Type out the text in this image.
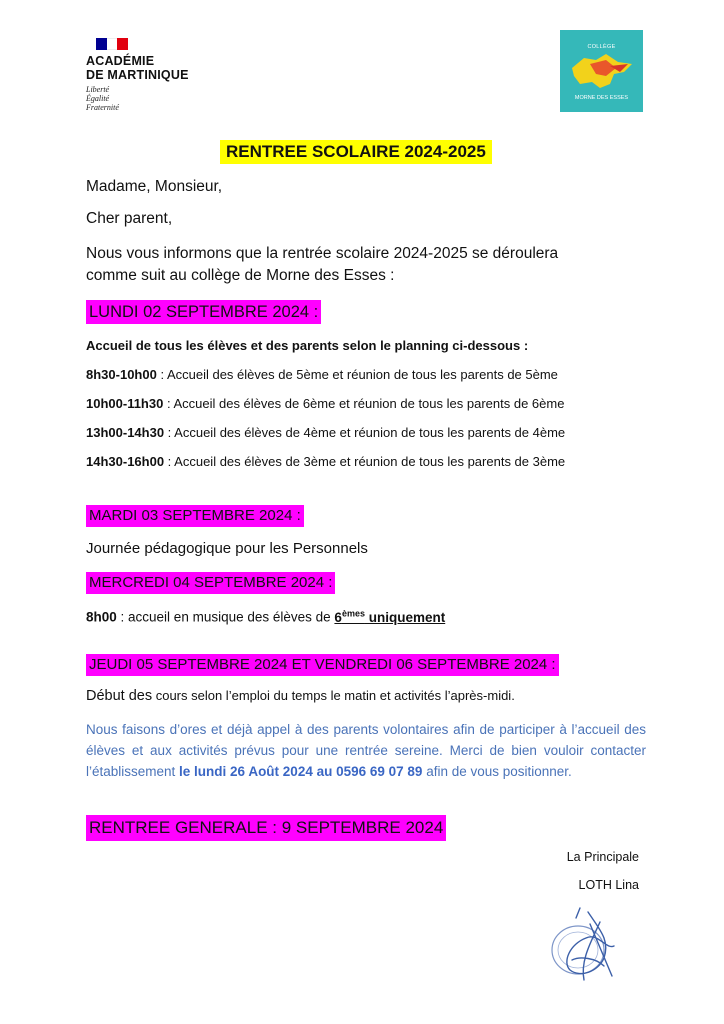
ACADÉMIE
DE MARTINIQUE
Liberté
Égalité
Fraternité
COLLÈGE
MORNE DES ESSES
RENTREE SCOLAIRE 2024-2025
Madame, Monsieur,
Cher parent,
Nous vous informons que la rentrée scolaire 2024-2025 se déroulera
comme suit au collège de Morne des Esses :
LUNDI 02 SEPTEMBRE 2024 :
Accueil de tous les élèves et des parents selon le planning ci-dessous :
8h30-10h00 : Accueil des élèves de 5ème et réunion de tous les parents de 5ème
10h00-11h30 : Accueil des élèves de 6ème et réunion de tous les parents de 6ème
13h00-14h30 : Accueil des élèves de 4ème et réunion de tous les parents de 4ème
14h30-16h00 : Accueil des élèves de 3ème et réunion de tous les parents de 3ème
MARDI 03 SEPTEMBRE 2024 :
Journée pédagogique pour les Personnels
MERCREDI 04 SEPTEMBRE 2024 :
8h00 : accueil en musique des élèves de 6èmes uniquement
JEUDI 05 SEPTEMBRE 2024 ET VENDREDI 06 SEPTEMBRE 2024 :
Début des cours selon l’emploi du temps le matin et activités l’après-midi.
Nous faisons d’ores et déjà appel à des parents volontaires afin de participer à l’accueil des élèves et aux activités prévus pour une rentrée sereine. Merci de bien vouloir contacter l’établissement le lundi 26 Août 2024 au 0596 69 07 89 afin de vous positionner.
RENTREE GENERALE : 9 SEPTEMBRE 2024
La Principale
LOTH Lina
